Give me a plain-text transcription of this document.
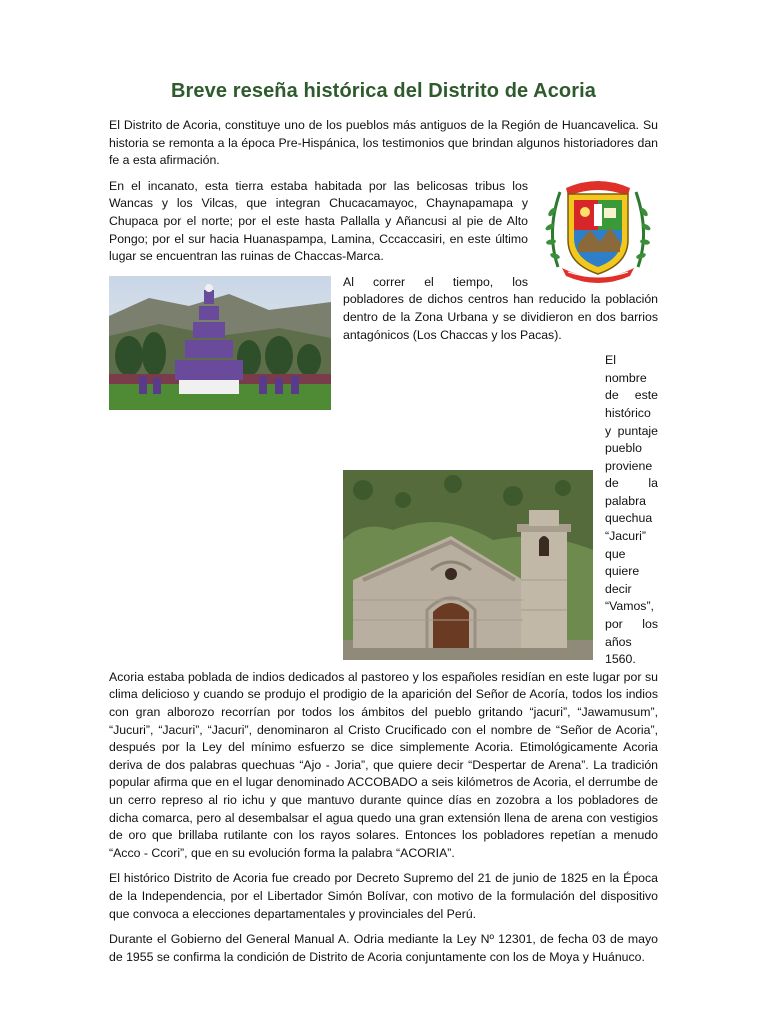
Breve reseña histórica del Distrito de Acoria

El Distrito de Acoria, constituye uno de los pueblos más antiguos de la Región de Huancavelica. Su historia se remonta a la época Pre-Hispánica, los testimonios que brindan algunos historiadores dan fe a esta afirmación.

En el incanato, esta tierra estaba habitada por las belicosas tribus los Wancas y los Vilcas, que integran Chucacamayoc, Chaynapamapa y Chupaca por el norte; por el este hasta Pallalla y Añancusi al pie de Alto Pongo; por el sur hacia Huanaspampa, Lamina, Cccaccasiri, en este último lugar se encuentran las ruinas de Chaccas-Marca.

Al correr el tiempo, los pobladores de dichos centros han reducido la población dentro de la Zona Urbana y se dividieron en dos barrios antagónicos (Los Chaccas y los Pacas).

El nombre de este histórico y puntaje pueblo proviene de la palabra quechua “Jacuri” que quiere decir “Vamos”, por los años 1560. Acoria estaba poblada de indios dedicados al pastoreo y los españoles residían en este lugar por su clima delicioso y cuando se produjo el prodigio de la aparición del Señor de Acoría, todos los indios con gran alborozo recorrían por todos los ámbitos del pueblo gritando “jacuri”, “Jawamusum”, “Jucuri”, “Jacuri”, “Jacuri”, denominaron al Cristo Crucificado con el nombre de “Señor de Acoria”, después por la Ley del mínimo esfuerzo se dice simplemente Acoria. Etimológicamente Acoria deriva de dos palabras quechuas “Ajo - Joria”, que quiere decir “Despertar de Arena”. La tradición popular afirma que en el lugar denominado ACCOBADO a seis kilómetros de Acoria, el derrumbe de un cerro represo al rio ichu y que mantuvo durante quince días en zozobra a los pobladores de dicha comarca, pero al desembalsar el agua quedo una gran extensión llena de arena con vestigios de oro que brillaba rutilante con los rayos solares. Entonces los pobladores repetían a menudo “Acco - Ccori”, que en su evolución forma la palabra “ACORIA”.

El histórico Distrito de Acoria fue creado por Decreto Supremo del 21 de junio de 1825 en la Época de la Independencia, por el Libertador Simón Bolívar, con motivo de la formulación del dispositivo que convoca a elecciones departamentales y provinciales del Perú.

Durante el Gobierno del General Manual A. Odria mediante la Ley Nº 12301, de fecha 03 de mayo de 1955 se confirma la condición de Distrito de Acoria conjuntamente con los de Moya y Huánuco.
